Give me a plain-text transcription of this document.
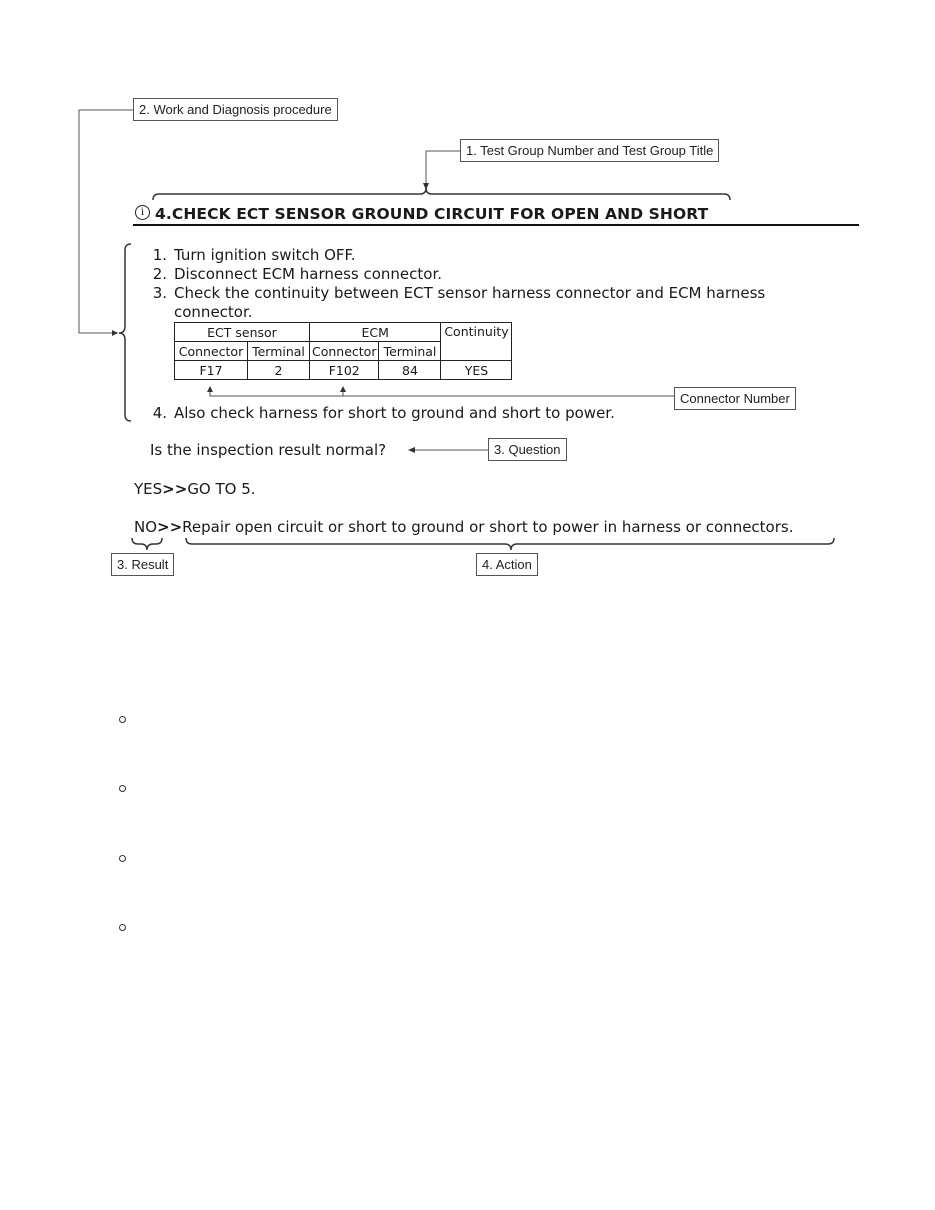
2. Work and Diagnosis procedure
1. Test Group Number and Test Group Title
i 4.CHECK ECT SENSOR GROUND CIRCUIT FOR OPEN AND SHORT
1. Turn ignition switch OFF.
2. Disconnect ECM harness connector.
3. Check the continuity between ECT sensor harness connector and ECM harness
connector.
ECT sensor		ECM		Continuity
Connector	Terminal	Connector	Terminal	
F17	2	F102	84	YES
Connector Number
4. Also check harness for short to ground and short to power.
Is the inspection result normal?	3. Question
YES>>GO TO 5.
NO>>Repair open circuit or short to ground or short to power in harness or connectors.
3. Result	4. Action
